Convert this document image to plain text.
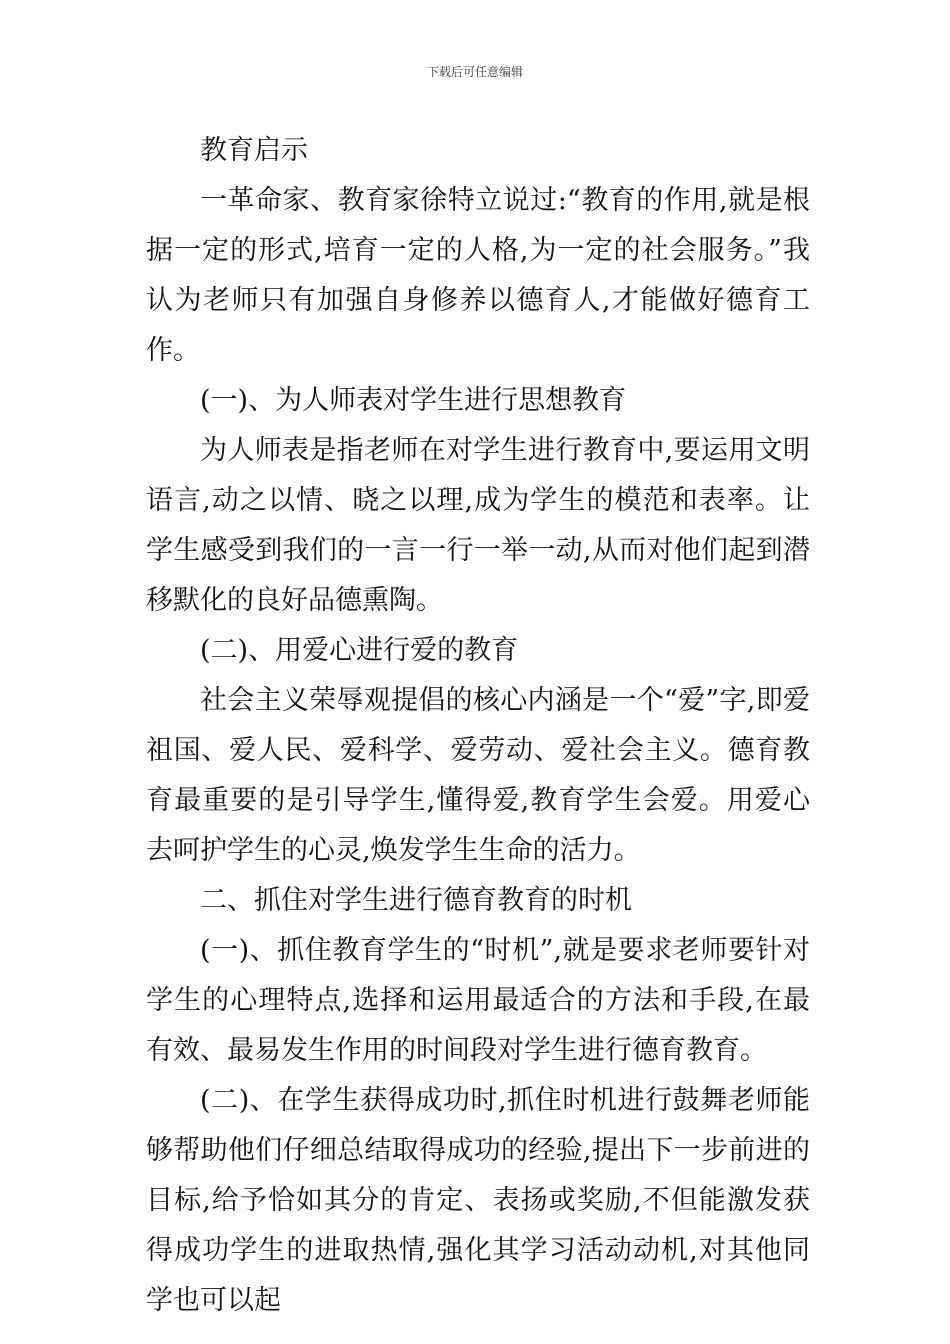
下载后可任意编辑

教育启示

一革命家、教育家徐特立说过:“教育的作用,就是根据一定的形式,培育一定的人格,为一定的社会服务。”我认为老师只有加强自身修养以德育人,才能做好德育工作。

(一)、为人师表对学生进行思想教育

为人师表是指老师在对学生进行教育中,要运用文明语言,动之以情、晓之以理,成为学生的模范和表率。让学生感受到我们的一言一行一举一动,从而对他们起到潜移默化的良好品德熏陶。

(二)、用爱心进行爱的教育

社会主义荣辱观提倡的核心内涵是一个“爱”字,即爱祖国、爱人民、爱科学、爱劳动、爱社会主义。德育教育最重要的是引导学生,懂得爱,教育学生会爱。用爱心去呵护学生的心灵,焕发学生生命的活力。

二、抓住对学生进行德育教育的时机

(一)、抓住教育学生的“时机”,就是要求老师要针对学生的心理特点,选择和运用最适合的方法和手段,在最有效、最易发生作用的时间段对学生进行德育教育。

(二)、在学生获得成功时,抓住时机进行鼓舞老师能够帮助他们仔细总结取得成功的经验,提出下一步前进的目标,给予恰如其分的肯定、表扬或奖励,不但能激发获得成功学生的进取热情,强化其学习活动动机,对其他同学也可以起
